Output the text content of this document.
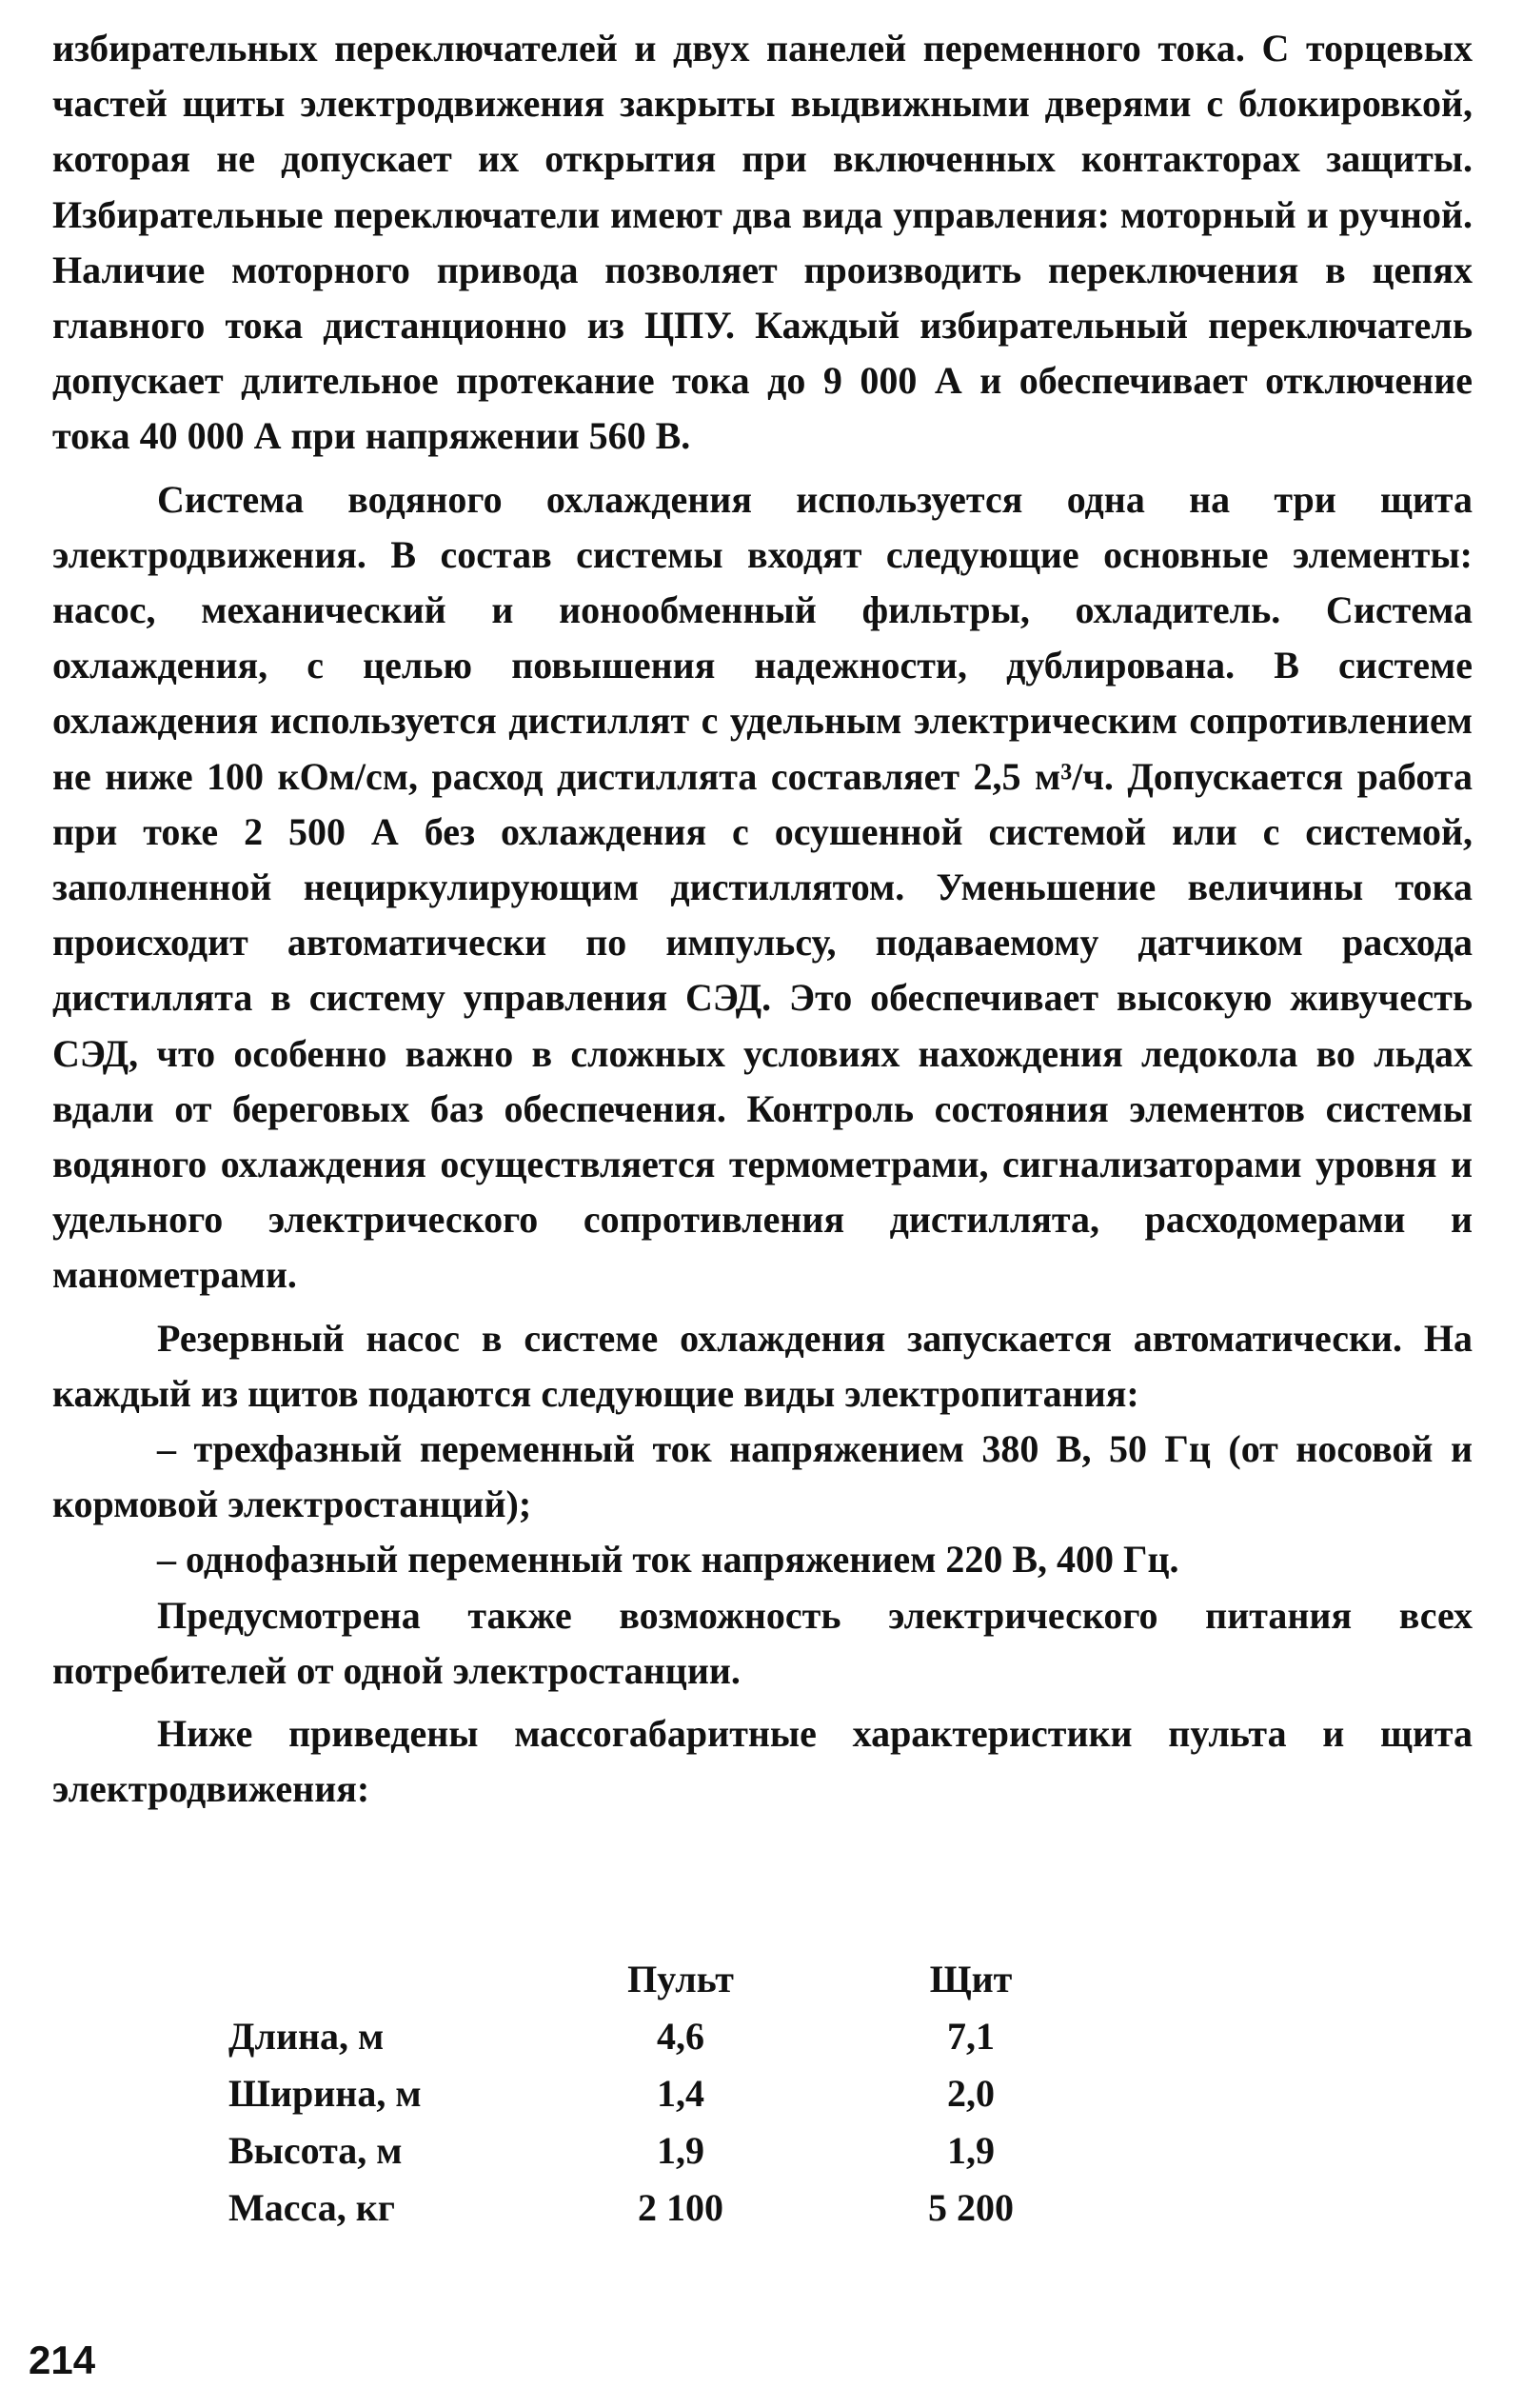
избирательных переключателей и двух панелей переменного тока. С торцевых частей щиты электродвижения закрыты выдвижными дверями с блокировкой, которая не допускает их открытия при включенных контакторах защиты. Избирательные переключатели имеют два вида управления: моторный и ручной. Наличие моторного привода позволяет производить переключения в цепях главного тока дистанционно из ЦПУ. Каждый избирательный переключатель допускает длительное протекание тока до 9 000 А и обеспечивает отключение тока 40 000 А при напряжении 560 В.

Система водяного охлаждения используется одна на три щита электродвижения. В состав системы входят следующие основные элементы: насос, механический и ионообменный фильтры, охладитель. Система охлаждения, с целью повышения надежности, дублирована. В системе охлаждения используется дистиллят с удельным электрическим сопротивлением не ниже 100 кОм/см, расход дистиллята составляет 2,5 м³/ч. Допускается работа при токе 2 500 А без охлаждения с осушенной системой или с системой, заполненной нециркулирующим дистиллятом. Уменьшение величины тока происходит автоматически по импульсу, подаваемому датчиком расхода дистиллята в систему управления СЭД. Это обеспечивает высокую живучесть СЭД, что особенно важно в сложных условиях нахождения ледокола во льдах вдали от береговых баз обеспечения. Контроль состояния элементов системы водяного охлаждения осуществляется термометрами, сигнализаторами уровня и удельного электрического сопротивления дистиллята, расходомерами и манометрами.

Резервный насос в системе охлаждения запускается автоматически. На каждый из щитов подаются следующие виды электропитания:

– трехфазный переменный ток напряжением 380 В, 50 Гц (от носовой и кормовой электростанций);

– однофазный переменный ток напряжением 220 В, 400 Гц.

Предусмотрена также возможность электрического питания всех потребителей от одной электростанции.

Ниже приведены массогабаритные характеристики пульта и щита электродвижения:

	Пульт	Щит
Длина, м	4,6	7,1
Ширина, м	1,4	2,0
Высота, м	1,9	1,9
Масса, кг	2 100	5 200
214
